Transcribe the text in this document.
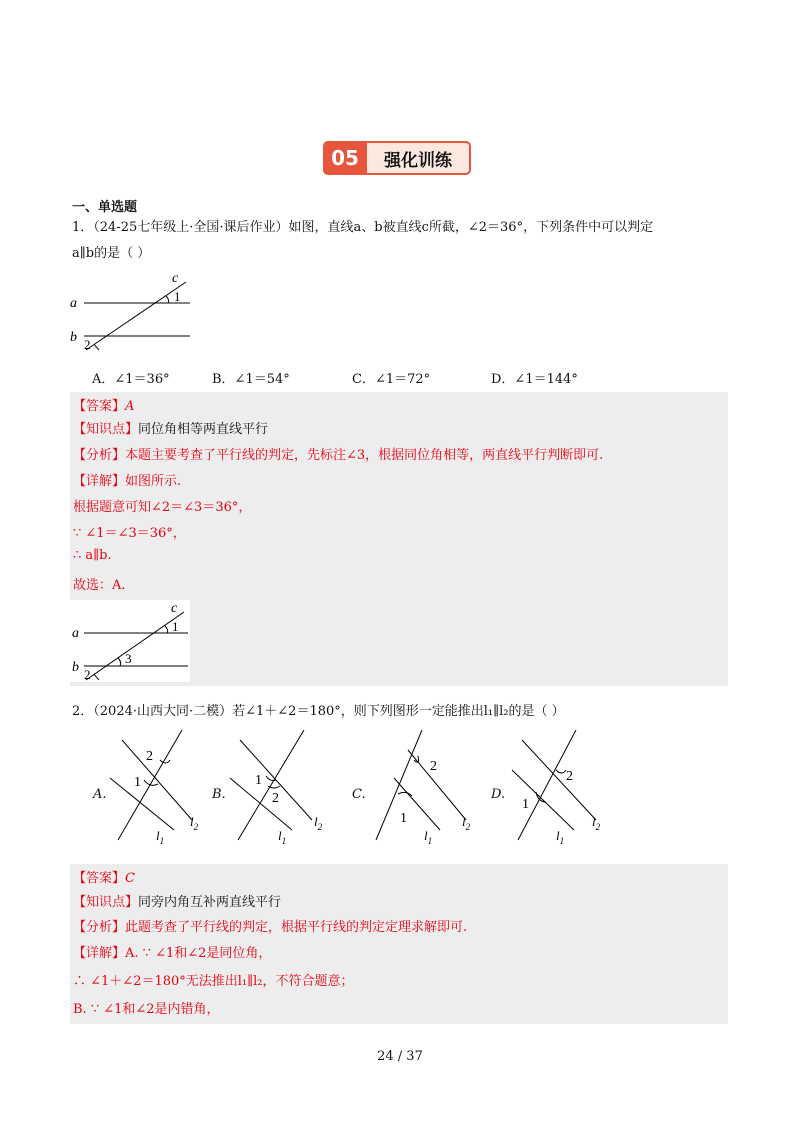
05	强化训练
一、单选题
1．（24-25七年级上·全国·课后作业）如图，直线a、b被直线c所截，∠2＝36°，下列条件中可以判定
a∥b的是（ ）
a
b
c
1
2
A．∠1＝36°	B．∠1＝54°	C．∠1＝72°	D．∠1＝144°
【答案】A
【知识点】同位角相等两直线平行
【分析】本题主要考查了平行线的判定，先标注∠3，根据同位角相等，两直线平行判断即可.
【详解】如图所示.
根据题意可知∠2＝∠3＝36°，
∵ ∠1＝∠3＝36°，
∴ a∥b.
故选：A.
a
b
c
1
3
2
2．（2024·山西大同·二模）若∠1＋∠2＝180°，则下列图形一定能推出l₁∥l₂的是（ ）
A.
2
1
$l_1$
$l_2$
B.
1
2
$l_1$
$l_2$
C.
2
1
$l_1$
$l_2$
D.
2
1
$l_1$
$l_2$
【答案】C
【知识点】同旁内角互补两直线平行
【分析】此题考查了平行线的判定，根据平行线的判定定理求解即可.
【详解】A. ∵ ∠1和∠2是同位角，
∴ ∠1＋∠2＝180°无法推出l₁∥l₂，不符合题意；
B. ∵ ∠1和∠2是内错角，
24 / 37
